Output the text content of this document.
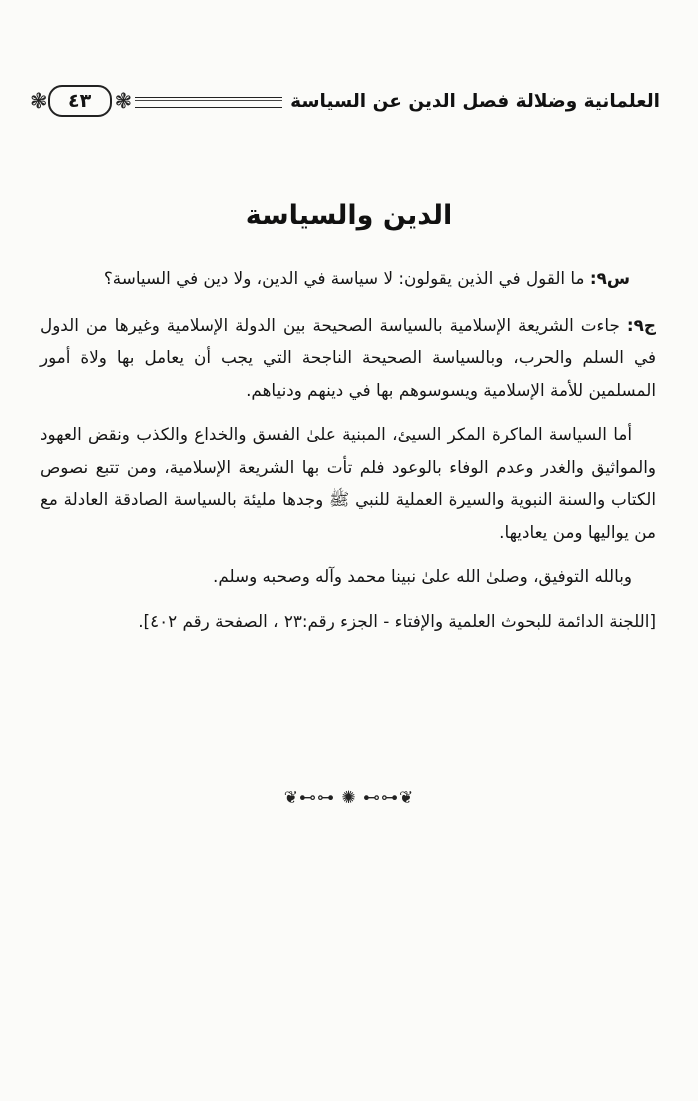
العلمانية وضلالة فصل الدين عن السياسة
❃ ٤٣ ❃
الدين والسياسة

س٩: ما القول في الذين يقولون: لا سياسة في الدين، ولا دين في السياسة؟

ج٩: جاءت الشريعة الإسلامية بالسياسة الصحيحة بين الدولة الإسلامية وغيرها من الدول في السلم والحرب، وبالسياسة الصحيحة الناجحة التي يجب أن يعامل بها ولاة أمور المسلمين للأمة الإسلامية ويسوسوهم بها في دينهم ودنياهم.

أما السياسة الماكرة المكر السيئ، المبنية علىٰ الفسق والخداع والكذب ونقض العهود والمواثيق والغدر وعدم الوفاء بالوعود فلم تأت بها الشريعة الإسلامية، ومن تتبع نصوص الكتاب والسنة النبوية والسيرة العملية للنبي ﷺ وجدها مليئة بالسياسة الصادقة العادلة مع من يواليها ومن يعاديها.

وبالله التوفيق، وصلىٰ الله علىٰ نبينا محمد وآله وصحبه وسلم.

[اللجنة الدائمة للبحوث العلمية والإفتاء - الجزء رقم:٢٣ ، الصفحة رقم ٤٠٢].

❦⊷⊶ ✺ ⊷⊶❦
